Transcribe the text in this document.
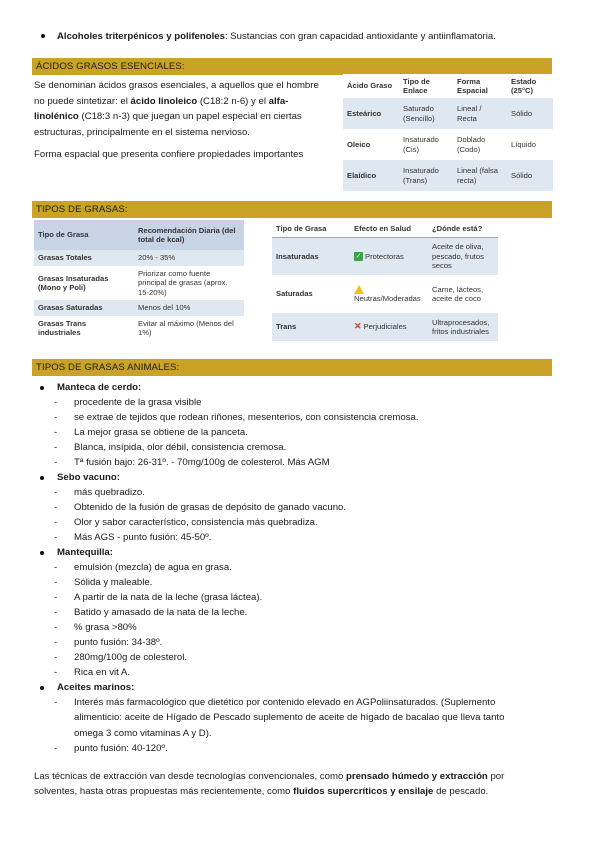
Alcoholes triterpénicos y polifenoles: Sustancias con gran capacidad antioxidante y antiinflamatoria.
ÁCIDOS GRASOS ESENCIALES:
Se denominan ácidos grasos esenciales, a aquellos que el hombre
no puede sintetizar: el ácido linoleico (C18:2 n-6) y el alfa-
linolénico (C18:3 n-3) que juegan un papel especial en ciertas
estructuras, principalmente en el sistema nervioso.
Forma espacial que presenta confiere propiedades importantes
Ácido Graso	Tipo de Enlace	Forma Espacial	Estado (25°C)
Esteárico	Saturado (Sencillo)	Lineal / Recta	Sólido
Oleico	Insaturado (Cis)	Doblado (Codo)	Líquido
Elaídico	Insaturado (Trans)	Lineal (falsa recta)	Sólido
TIPOS DE GRASAS:
Tipo de Grasa	Recomendación Diaria (del total de kcal)
Grasas Totales	20% - 35%
Grasas Insaturadas (Mono y Poli)	Priorizar como fuente principal de grasas (aprox. 15-20%)
Grasas Saturadas	Menos del 10%
Grasas Trans industriales	Evitar al máximo (Menos del 1%)
Tipo de Grasa	Efecto en Salud	¿Dónde está?
Insaturadas	✓ Protectoras	Aceite de oliva, pescado, frutos secos
Saturadas	Neutras/Moderadas	Carne, lácteos, aceite de coco
Trans	✕ Perjudiciales	Ultraprocesados, fritos industriales
TIPOS DE GRASAS ANIMALES:
Manteca de cerdo:
- procedente de la grasa visible
- se extrae de tejidos que rodean riñones, mesenterios, con consistencia cremosa.
- La mejor grasa se obtiene de la panceta.
- Blanca, insípida, olor débil, consistencia cremosa.
- Tª fusión bajo: 26-31º. - 70mg/100g de colesterol. Más AGM
Sebo vacuno:
- más quebradizo.
- Obtenido de la fusión de grasas de depósito de ganado vacuno.
- Olor y sabor característico, consistencia más quebradiza.
- Más AGS - punto fusión: 45-50º.
Mantequilla:
- emulsión (mezcla) de agua en grasa.
- Sólida y maleable.
- A partir de la nata de la leche (grasa láctea).
- Batido y amasado de la nata de la leche.
- % grasa >80%
- punto fusión: 34-38º.
- 280mg/100g de colesterol.
- Rica en vit A.
Aceites marinos:
- Interés más farmacológico que dietético por contenido elevado en AGPoliinsaturados. (Suplemento
alimenticio: aceite de Hígado de Pescado suplemento de aceite de hígado de bacalao que lleva tanto
omega 3 como vitaminas A y D).
- punto fusión: 40-120º.
Las técnicas de extracción van desde tecnologías convencionales, como prensado húmedo y extracción por
solventes, hasta otras propuestas más recientemente, como fluidos supercríticos y ensilaje de pescado.
